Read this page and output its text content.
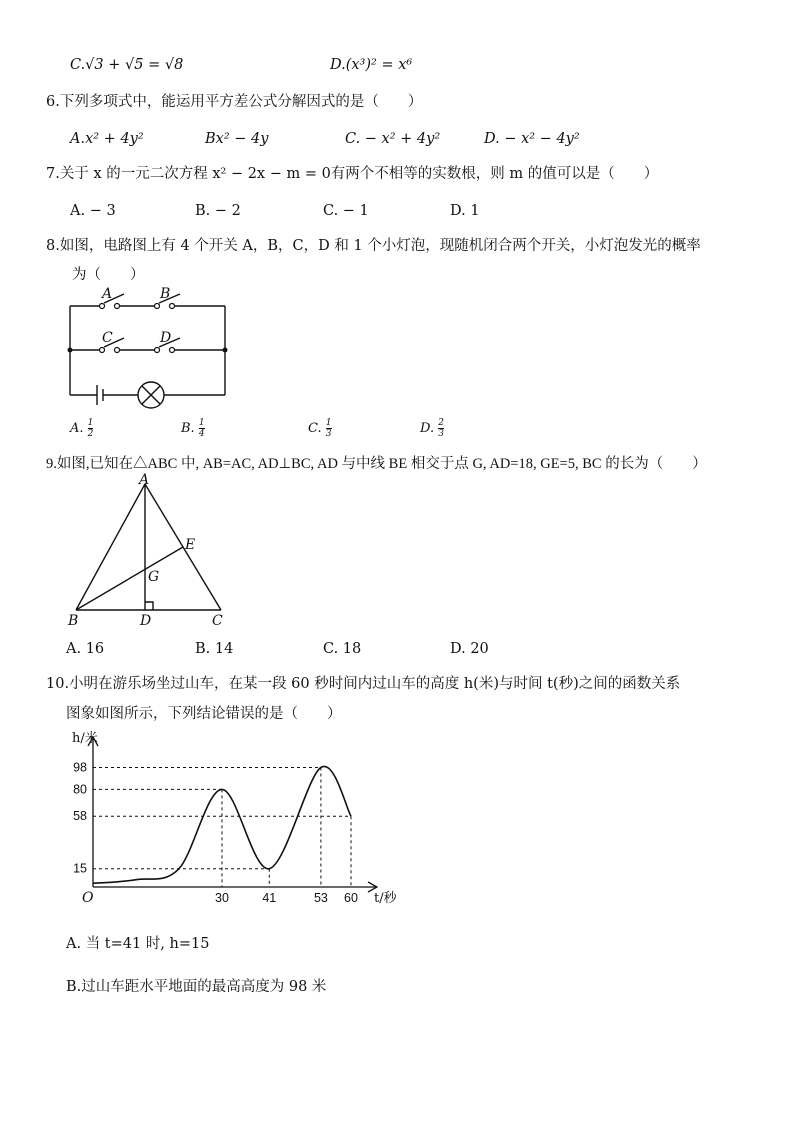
C.√3 + √5 = √8	D.(x³)² = x⁶
6.下列多项式中，能运用平方差公式分解因式的是（　　）
A.x² + 4y²	Bx² − 4y	C. − x² + 4y²	D. − x² − 4y²
7.关于 x 的一元二次方程 x² − 2x − m = 0有两个不相等的实数根，则 m 的值可以是（　　）
A. − 3	B. − 2	C. − 1	D. 1
8.如图，电路图上有 4 个开关 A，B，C，D 和 1 个小灯泡，现随机闭合两个开关，小灯泡发光的概率
为（　　）
A	B
C	D
A. $\frac{1}{2}$	B. $\frac{1}{4}$	C. $\frac{1}{3}$	D. $\frac{2}{3}$
9.如图,已知在△ABC 中, AB=AC, AD⊥BC, AD 与中线 BE 相交于点 G, AD=18, GE=5, BC 的长为（　　）
A
B	C
D
E
G
A. 16	B. 14	C. 18	D. 20
10.小明在游乐场坐过山车，在某一段 60 秒时间内过山车的高度 h(米)与时间 t(秒)之间的函数关系
图象如图所示，下列结论错误的是（　　）
98
80
58
15
30	41	53 60
h/米
t/秒
O
A. 当 t=41 时, h=15
B.过山车距水平地面的最高高度为 98 米
